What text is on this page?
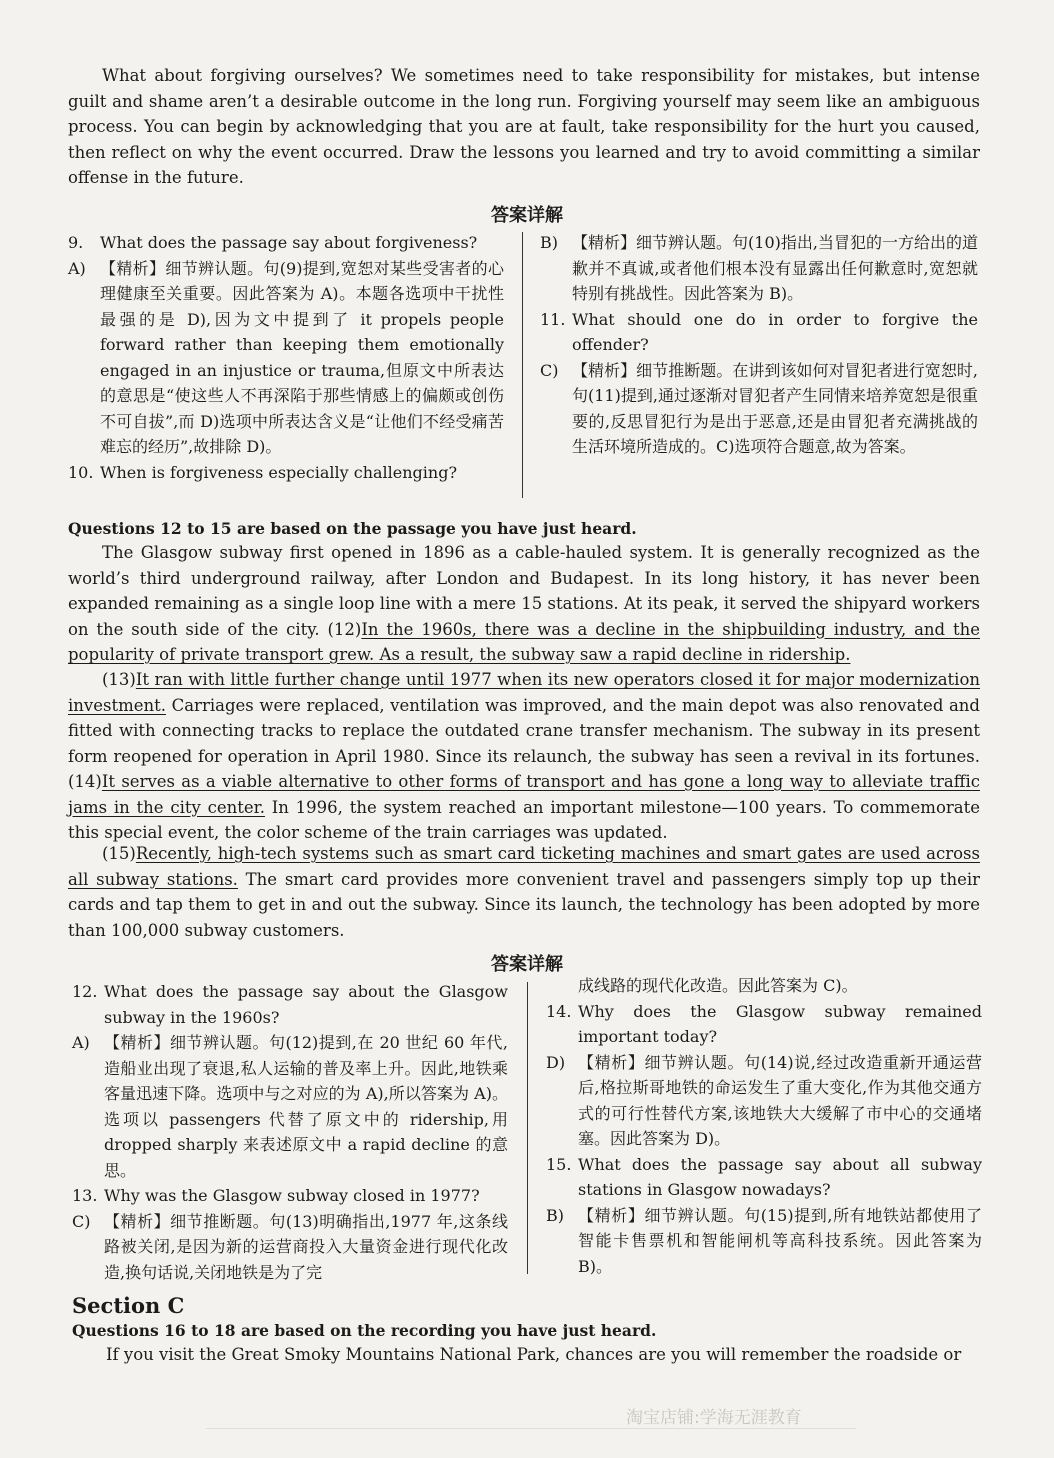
What about forgiving ourselves? We sometimes need to take responsibility for mistakes, but intense guilt and shame aren’t a desirable outcome in the long run. Forgiving yourself may seem like an ambiguous process. You can begin by acknowledging that you are at fault, take responsibility for the hurt you caused, then reflect on why the event occurred. Draw the lessons you learned and try to avoid committing a similar offense in the future.
答案详解
9. What does the passage say about forgiveness?
A) 【精析】细节辨认题。句(9)提到,宽恕对某些受害者的心理健康至关重要。因此答案为 A)。本题各选项中干扰性最强的是 D),因为文中提到了 it propels people forward rather than keeping them emotionally engaged in an injustice or trauma,但原文中所表达的意思是“使这些人不再深陷于那些情感上的偏颇或创伤不可自拔”,而 D)选项中所表达含义是“让他们不经受痛苦难忘的经历”,故排除 D)。
10. When is forgiveness especially challenging?
B) 【精析】细节辨认题。句(10)指出,当冒犯的一方给出的道歉并不真诚,或者他们根本没有显露出任何歉意时,宽恕就特别有挑战性。因此答案为 B)。
11. What should one do in order to forgive the offender?
C) 【精析】细节推断题。在讲到该如何对冒犯者进行宽恕时,句(11)提到,通过逐渐对冒犯者产生同情来培养宽恕是很重要的,反思冒犯行为是出于恶意,还是由冒犯者充满挑战的生活环境所造成的。C)选项符合题意,故为答案。
Questions 12 to 15 are based on the passage you have just heard.
The Glasgow subway first opened in 1896 as a cable-hauled system. It is generally recognized as the world’s third underground railway, after London and Budapest. In its long history, it has never been expanded remaining as a single loop line with a mere 15 stations. At its peak, it served the shipyard workers on the south side of the city. (12)In the 1960s, there was a decline in the shipbuilding industry, and the popularity of private transport grew. As a result, the subway saw a rapid decline in ridership.
(13)It ran with little further change until 1977 when its new operators closed it for major modernization investment. Carriages were replaced, ventilation was improved, and the main depot was also renovated and fitted with connecting tracks to replace the outdated crane transfer mechanism. The subway in its present form reopened for operation in April 1980. Since its relaunch, the subway has seen a revival in its fortunes. (14)It serves as a viable alternative to other forms of transport and has gone a long way to alleviate traffic jams in the city center. In 1996, the system reached an important milestone—100 years. To commemorate this special event, the color scheme of the train carriages was updated.
(15)Recently, high-tech systems such as smart card ticketing machines and smart gates are used across all subway stations. The smart card provides more convenient travel and passengers simply top up their cards and tap them to get in and out the subway. Since its launch, the technology has been adopted by more than 100,000 subway customers.
答案详解
12. What does the passage say about the Glasgow subway in the 1960s?
A) 【精析】细节辨认题。句(12)提到,在 20 世纪 60 年代,造船业出现了衰退,私人运输的普及率上升。因此,地铁乘客量迅速下降。选项中与之对应的为 A),所以答案为 A)。选项以 passengers 代替了原文中的 ridership,用 dropped sharply 来表述原文中 a rapid decline 的意思。
13. Why was the Glasgow subway closed in 1977?
C) 【精析】细节推断题。句(13)明确指出,1977 年,这条线路被关闭,是因为新的运营商投入大量资金进行现代化改造,换句话说,关闭地铁是为了完
成线路的现代化改造。因此答案为 C)。
14. Why does the Glasgow subway remained important today?
D) 【精析】细节辨认题。句(14)说,经过改造重新开通运营后,格拉斯哥地铁的命运发生了重大变化,作为其他交通方式的可行性替代方案,该地铁大大缓解了市中心的交通堵塞。因此答案为 D)。
15. What does the passage say about all subway stations in Glasgow nowadays?
B) 【精析】细节辨认题。句(15)提到,所有地铁站都使用了智能卡售票机和智能闸机等高科技系统。因此答案为 B)。
Section C
Questions 16 to 18 are based on the recording you have just heard.
If you visit the Great Smoky Mountains National Park, chances are you will remember the roadside or
淘宝店铺:学海无涯教育
